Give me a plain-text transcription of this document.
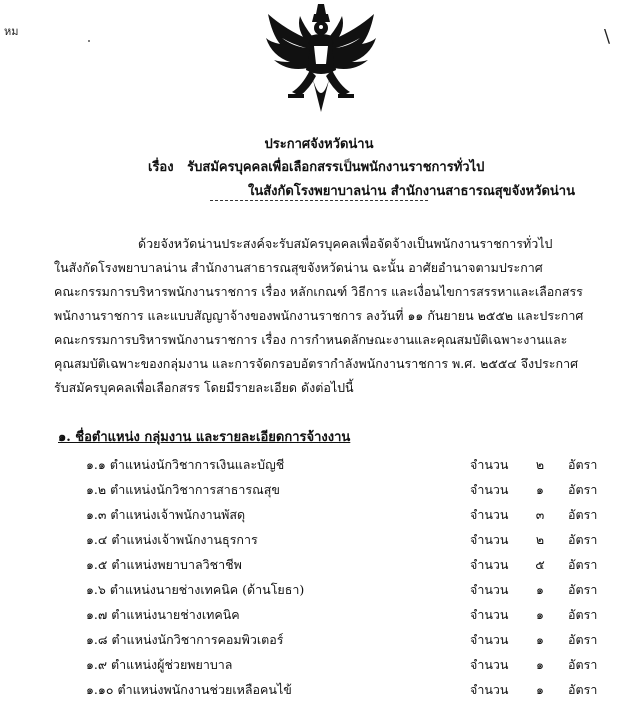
หม	\
ประกาศจังหวัดน่าน
เรื่อง รับสมัครบุคคลเพื่อเลือกสรรเป็นพนักงานราชการทั่วไป
ในสังกัดโรงพยาบาลน่าน สำนักงานสาธารณสุขจังหวัดน่าน
ด้วยจังหวัดน่านประสงค์จะรับสมัครบุคคลเพื่อจัดจ้างเป็นพนักงานราชการทั่วไป
ในสังกัดโรงพยาบาลน่าน สำนักงานสาธารณสุขจังหวัดน่าน ฉะนั้น อาศัยอำนาจตามประกาศ
คณะกรรมการบริหารพนักงานราชการ เรื่อง หลักเกณฑ์ วิธีการ และเงื่อนไขการสรรหาและเลือกสรร
พนักงานราชการ และแบบสัญญาจ้างของพนักงานราชการ ลงวันที่ ๑๑ กันยายน ๒๕๕๒ และประกาศ
คณะกรรมการบริหารพนักงานราชการ เรื่อง การกำหนดลักษณะงานและคุณสมบัติเฉพาะงานและ
คุณสมบัติเฉพาะของกลุ่มงาน และการจัดกรอบอัตรากำลังพนักงานราชการ พ.ศ. ๒๕๕๔ จึงประกาศ
รับสมัครบุคคลเพื่อเลือกสรร โดยมีรายละเอียด ดังต่อไปนี้
๑. ชื่อตำแหน่ง กลุ่มงาน และรายละเอียดการจ้างงาน
๑.๑ ตำแหน่งนักวิชาการเงินและบัญชี	จำนวน	๒	อัตรา
๑.๒ ตำแหน่งนักวิชาการสาธารณสุข	จำนวน	๑	อัตรา
๑.๓ ตำแหน่งเจ้าพนักงานพัสดุ	จำนวน	๓	อัตรา
๑.๔ ตำแหน่งเจ้าพนักงานธุรการ	จำนวน	๒	อัตรา
๑.๕ ตำแหน่งพยาบาลวิชาชีพ	จำนวน	๕	อัตรา
๑.๖ ตำแหน่งนายช่างเทคนิค (ด้านโยธา)	จำนวน	๑	อัตรา
๑.๗ ตำแหน่งนายช่างเทคนิค	จำนวน	๑	อัตรา
๑.๘ ตำแหน่งนักวิชาการคอมพิวเตอร์	จำนวน	๑	อัตรา
๑.๙ ตำแหน่งผู้ช่วยพยาบาล	จำนวน	๑	อัตรา
๑.๑๐ ตำแหน่งพนักงานช่วยเหลือคนไข้	จำนวน	๑	อัตรา
